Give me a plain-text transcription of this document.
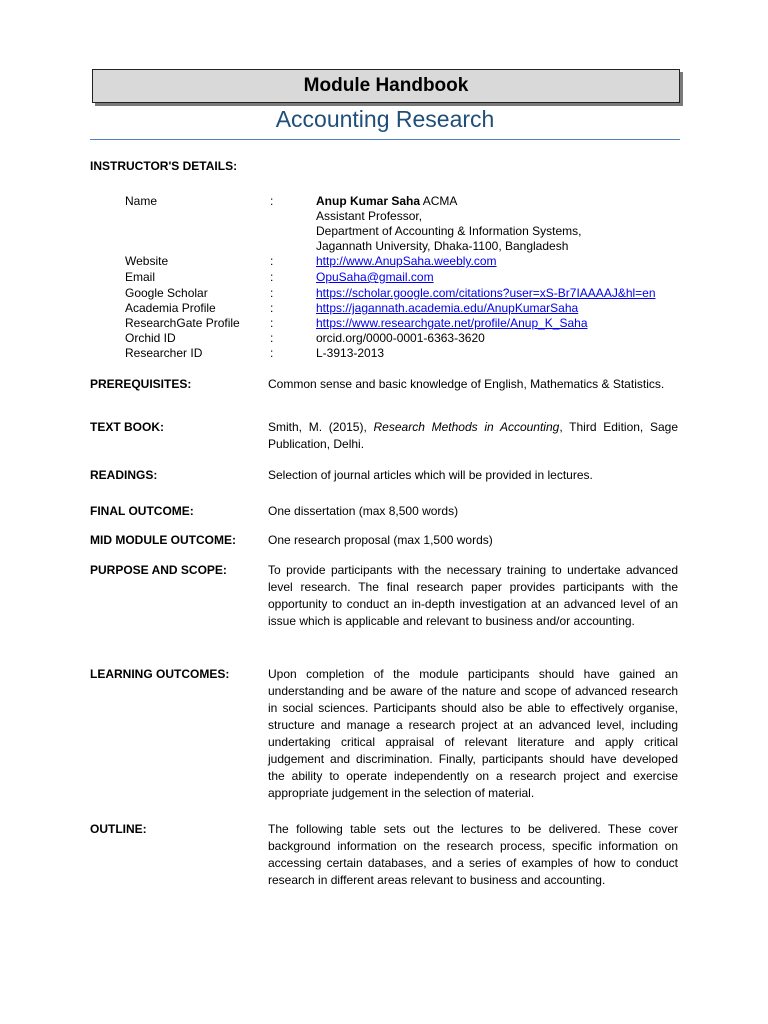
Module Handbook
Accounting Research
INSTRUCTOR'S DETAILS:
Name	:	Anup Kumar Saha ACMA
Assistant Professor,
Department of Accounting & Information Systems,
Jagannath University, Dhaka-1100, Bangladesh
Website	:	http://www.AnupSaha.weebly.com
Email	:	OpuSaha@gmail.com
Google Scholar	:	https://scholar.google.com/citations?user=xS-Br7IAAAAJ&hl=en
Academia Profile	:	https://jagannath.academia.edu/AnupKumarSaha
ResearchGate Profile	:	https://www.researchgate.net/profile/Anup_K_Saha
Orchid ID	:	orcid.org/0000-0001-6363-3620
Researcher ID	:	L-3913-2013
PREREQUISITES:	Common sense and basic knowledge of English, Mathematics & Statistics.
TEXT BOOK:	Smith, M. (2015), Research Methods in Accounting, Third Edition, Sage Publication, Delhi.
READINGS:	Selection of journal articles which will be provided in lectures.
FINAL OUTCOME:	One dissertation (max 8,500 words)
MID MODULE OUTCOME:	One research proposal (max 1,500 words)
PURPOSE AND SCOPE:	To provide participants with the necessary training to undertake advanced level research. The final research paper provides participants with the opportunity to conduct an in-depth investigation at an advanced level of an issue which is applicable and relevant to business and/or accounting.
LEARNING OUTCOMES:	Upon completion of the module participants should have gained an understanding and be aware of the nature and scope of advanced research in social sciences. Participants should also be able to effectively organise, structure and manage a research project at an advanced level, including undertaking critical appraisal of relevant literature and apply critical judgement and discrimination. Finally, participants should have developed the ability to operate independently on a research project and exercise appropriate judgement in the selection of material.
OUTLINE:	The following table sets out the lectures to be delivered. These cover background information on the research process, specific information on accessing certain databases, and a series of examples of how to conduct research in different areas relevant to business and accounting.
